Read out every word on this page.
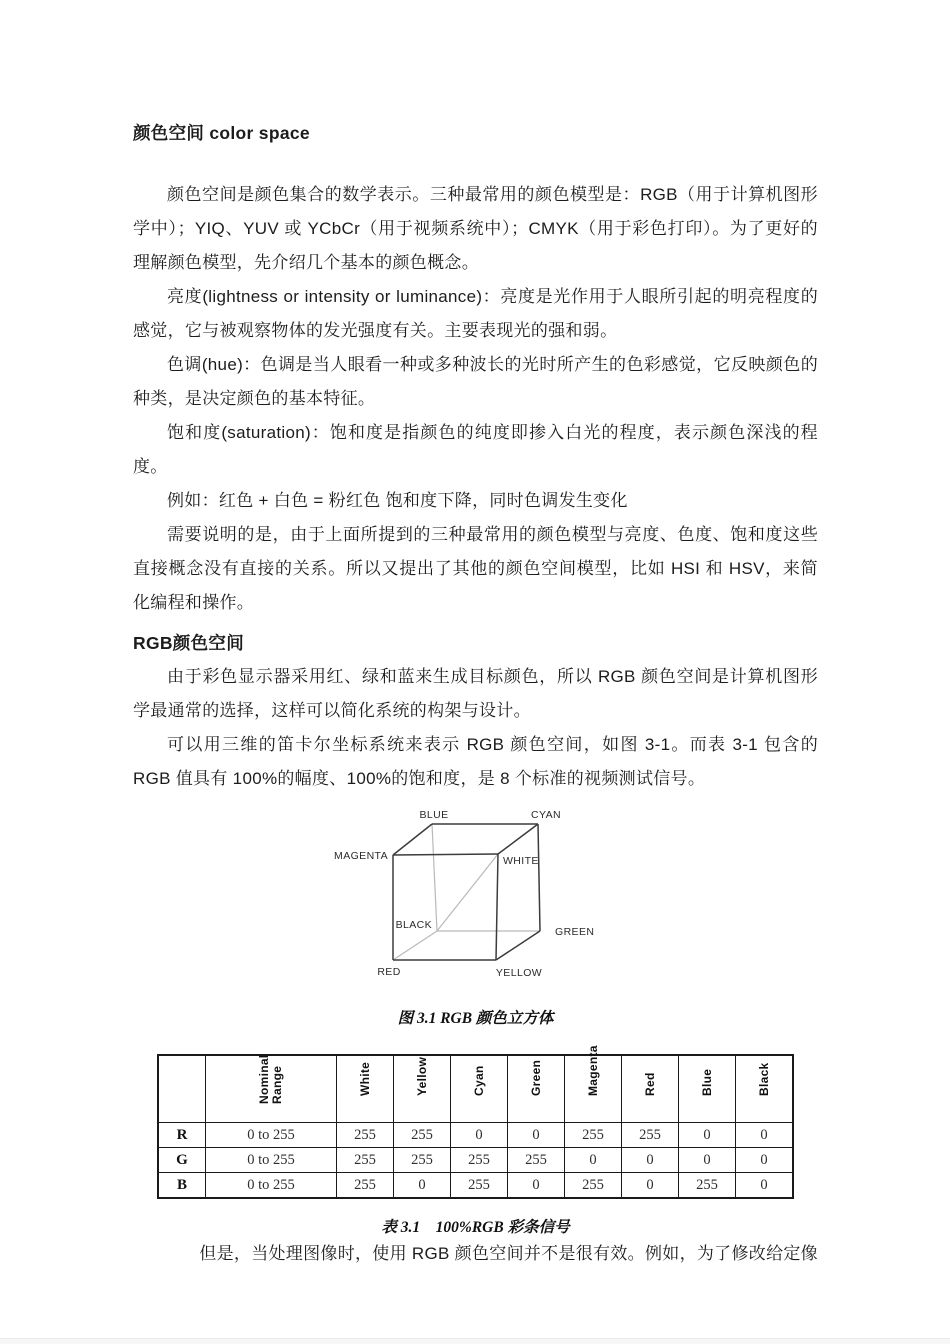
颜色空间 color space

颜色空间是颜色集合的数学表示。三种最常用的颜色模型是：RGB（用于计算机图形学中）；YIQ、YUV 或 YCbCr（用于视频系统中）；CMYK（用于彩色打印）。为了更好的理解颜色模型，先介绍几个基本的颜色概念。

亮度(lightness or intensity or luminance)：亮度是光作用于人眼所引起的明亮程度的感觉，它与被观察物体的发光强度有关。主要表现光的强和弱。

色调(hue)：色调是当人眼看一种或多种波长的光时所产生的色彩感觉，它反映颜色的种类，是决定颜色的基本特征。

饱和度(saturation)：饱和度是指颜色的纯度即掺入白光的程度，表示颜色深浅的程度。

例如：红色 + 白色 = 粉红色 饱和度下降，同时色调发生变化

需要说明的是，由于上面所提到的三种最常用的颜色模型与亮度、色度、饱和度这些直接概念没有直接的关系。所以又提出了其他的颜色空间模型，比如 HSI 和 HSV，来简化编程和操作。

RGB颜色空间

由于彩色显示器采用红、绿和蓝来生成目标颜色，所以 RGB 颜色空间是计算机图形学最通常的选择，这样可以简化系统的构架与设计。

可以用三维的笛卡尔坐标系统来表示 RGB 颜色空间，如图 3-1。而表 3-1 包含的 RGB 值具有 100%的幅度、100%的饱和度，是 8 个标准的视频测试信号。

BLUE	CYAN
MAGENTA	WHITE
BLACK
GREEN
RED	YELLOW
图 3.1 RGB 颜色立方体

	Nominal Range	White	Yellow	Cyan	Green	Magenta	Red	Blue	Black

R	0 to 255	255	255	0	0	255	255	0	0
G	0 to 255	255	255	255	255	0	0	0	0
B	0 to 255	255	0	255	0	255	0	255	0
表 3.1　100%RGB 彩条信号

但是，当处理图像时，使用 RGB 颜色空间并不是很有效。例如，为了修改给定像
